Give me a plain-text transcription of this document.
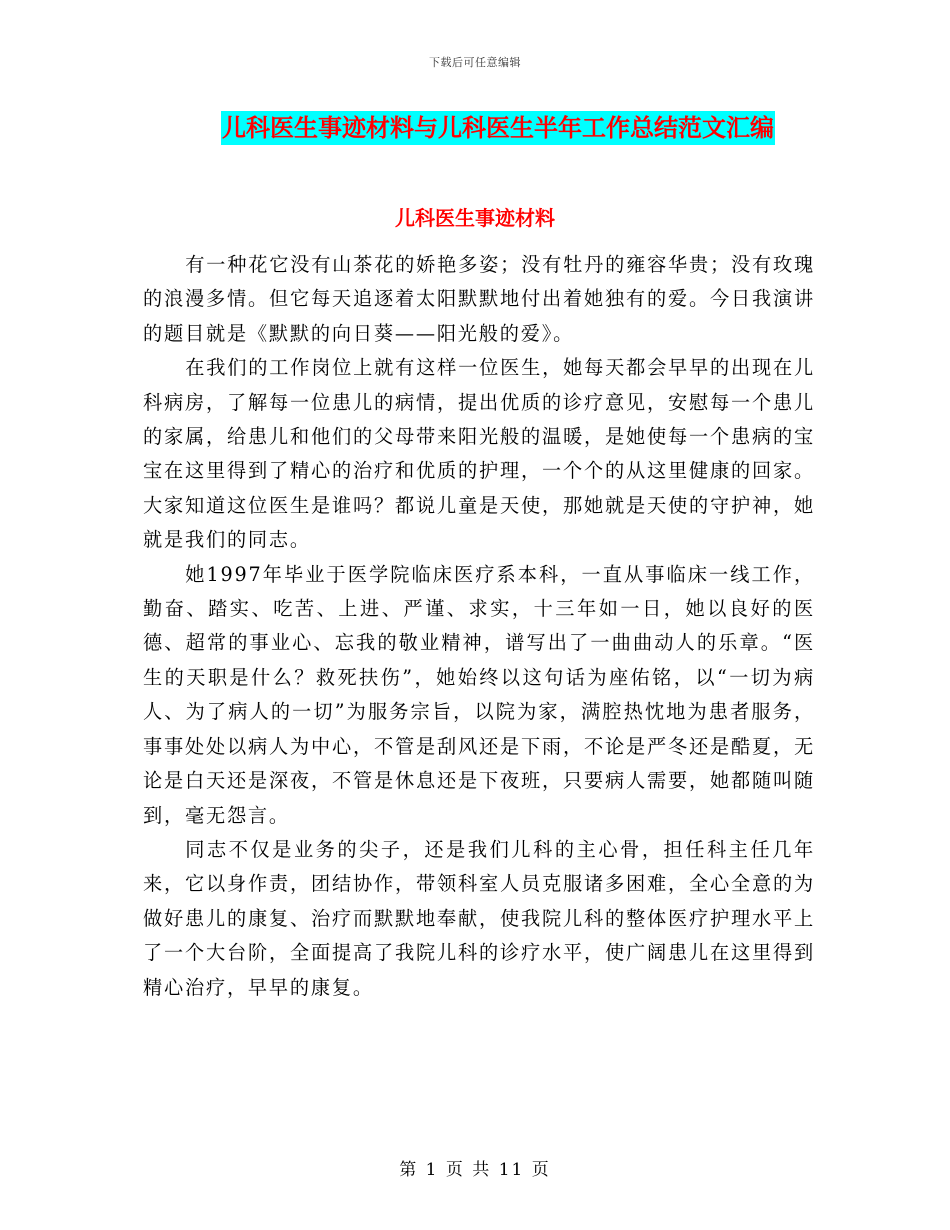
下载后可任意编辑
儿科医生事迹材料与儿科医生半年工作总结范文汇编
儿科医生事迹材料

有一种花它没有山茶花的娇艳多姿；没有牡丹的雍容华贵；没有玫瑰的浪漫多情。但它每天追逐着太阳默默地付出着她独有的爱。今日我演讲的题目就是《默默的向日葵——阳光般的爱》。

在我们的工作岗位上就有这样一位医生，她每天都会早早的出现在儿科病房，了解每一位患儿的病情，提出优质的诊疗意见，安慰每一个患儿的家属，给患儿和他们的父母带来阳光般的温暖，是她使每一个患病的宝宝在这里得到了精心的治疗和优质的护理，一个个的从这里健康的回家。大家知道这位医生是谁吗？都说儿童是天使，那她就是天使的守护神，她就是我们的同志。

她1997年毕业于医学院临床医疗系本科，一直从事临床一线工作，勤奋、踏实、吃苦、上进、严谨、求实，十三年如一日，她以良好的医德、超常的事业心、忘我的敬业精神，谱写出了一曲曲动人的乐章。“医生的天职是什么？救死扶伤”，她始终以这句话为座佑铭，以“一切为病人、为了病人的一切”为服务宗旨，以院为家，满腔热忱地为患者服务，事事处处以病人为中心，不管是刮风还是下雨，不论是严冬还是酷夏，无论是白天还是深夜，不管是休息还是下夜班，只要病人需要，她都随叫随到，毫无怨言。

同志不仅是业务的尖子，还是我们儿科的主心骨，担任科主任几年来，它以身作责，团结协作，带领科室人员克服诸多困难，全心全意的为做好患儿的康复、治疗而默默地奉献，使我院儿科的整体医疗护理水平上了一个大台阶，全面提高了我院儿科的诊疗水平，使广阔患儿在这里得到精心治疗，早早的康复。

第 1 页 共 11 页
